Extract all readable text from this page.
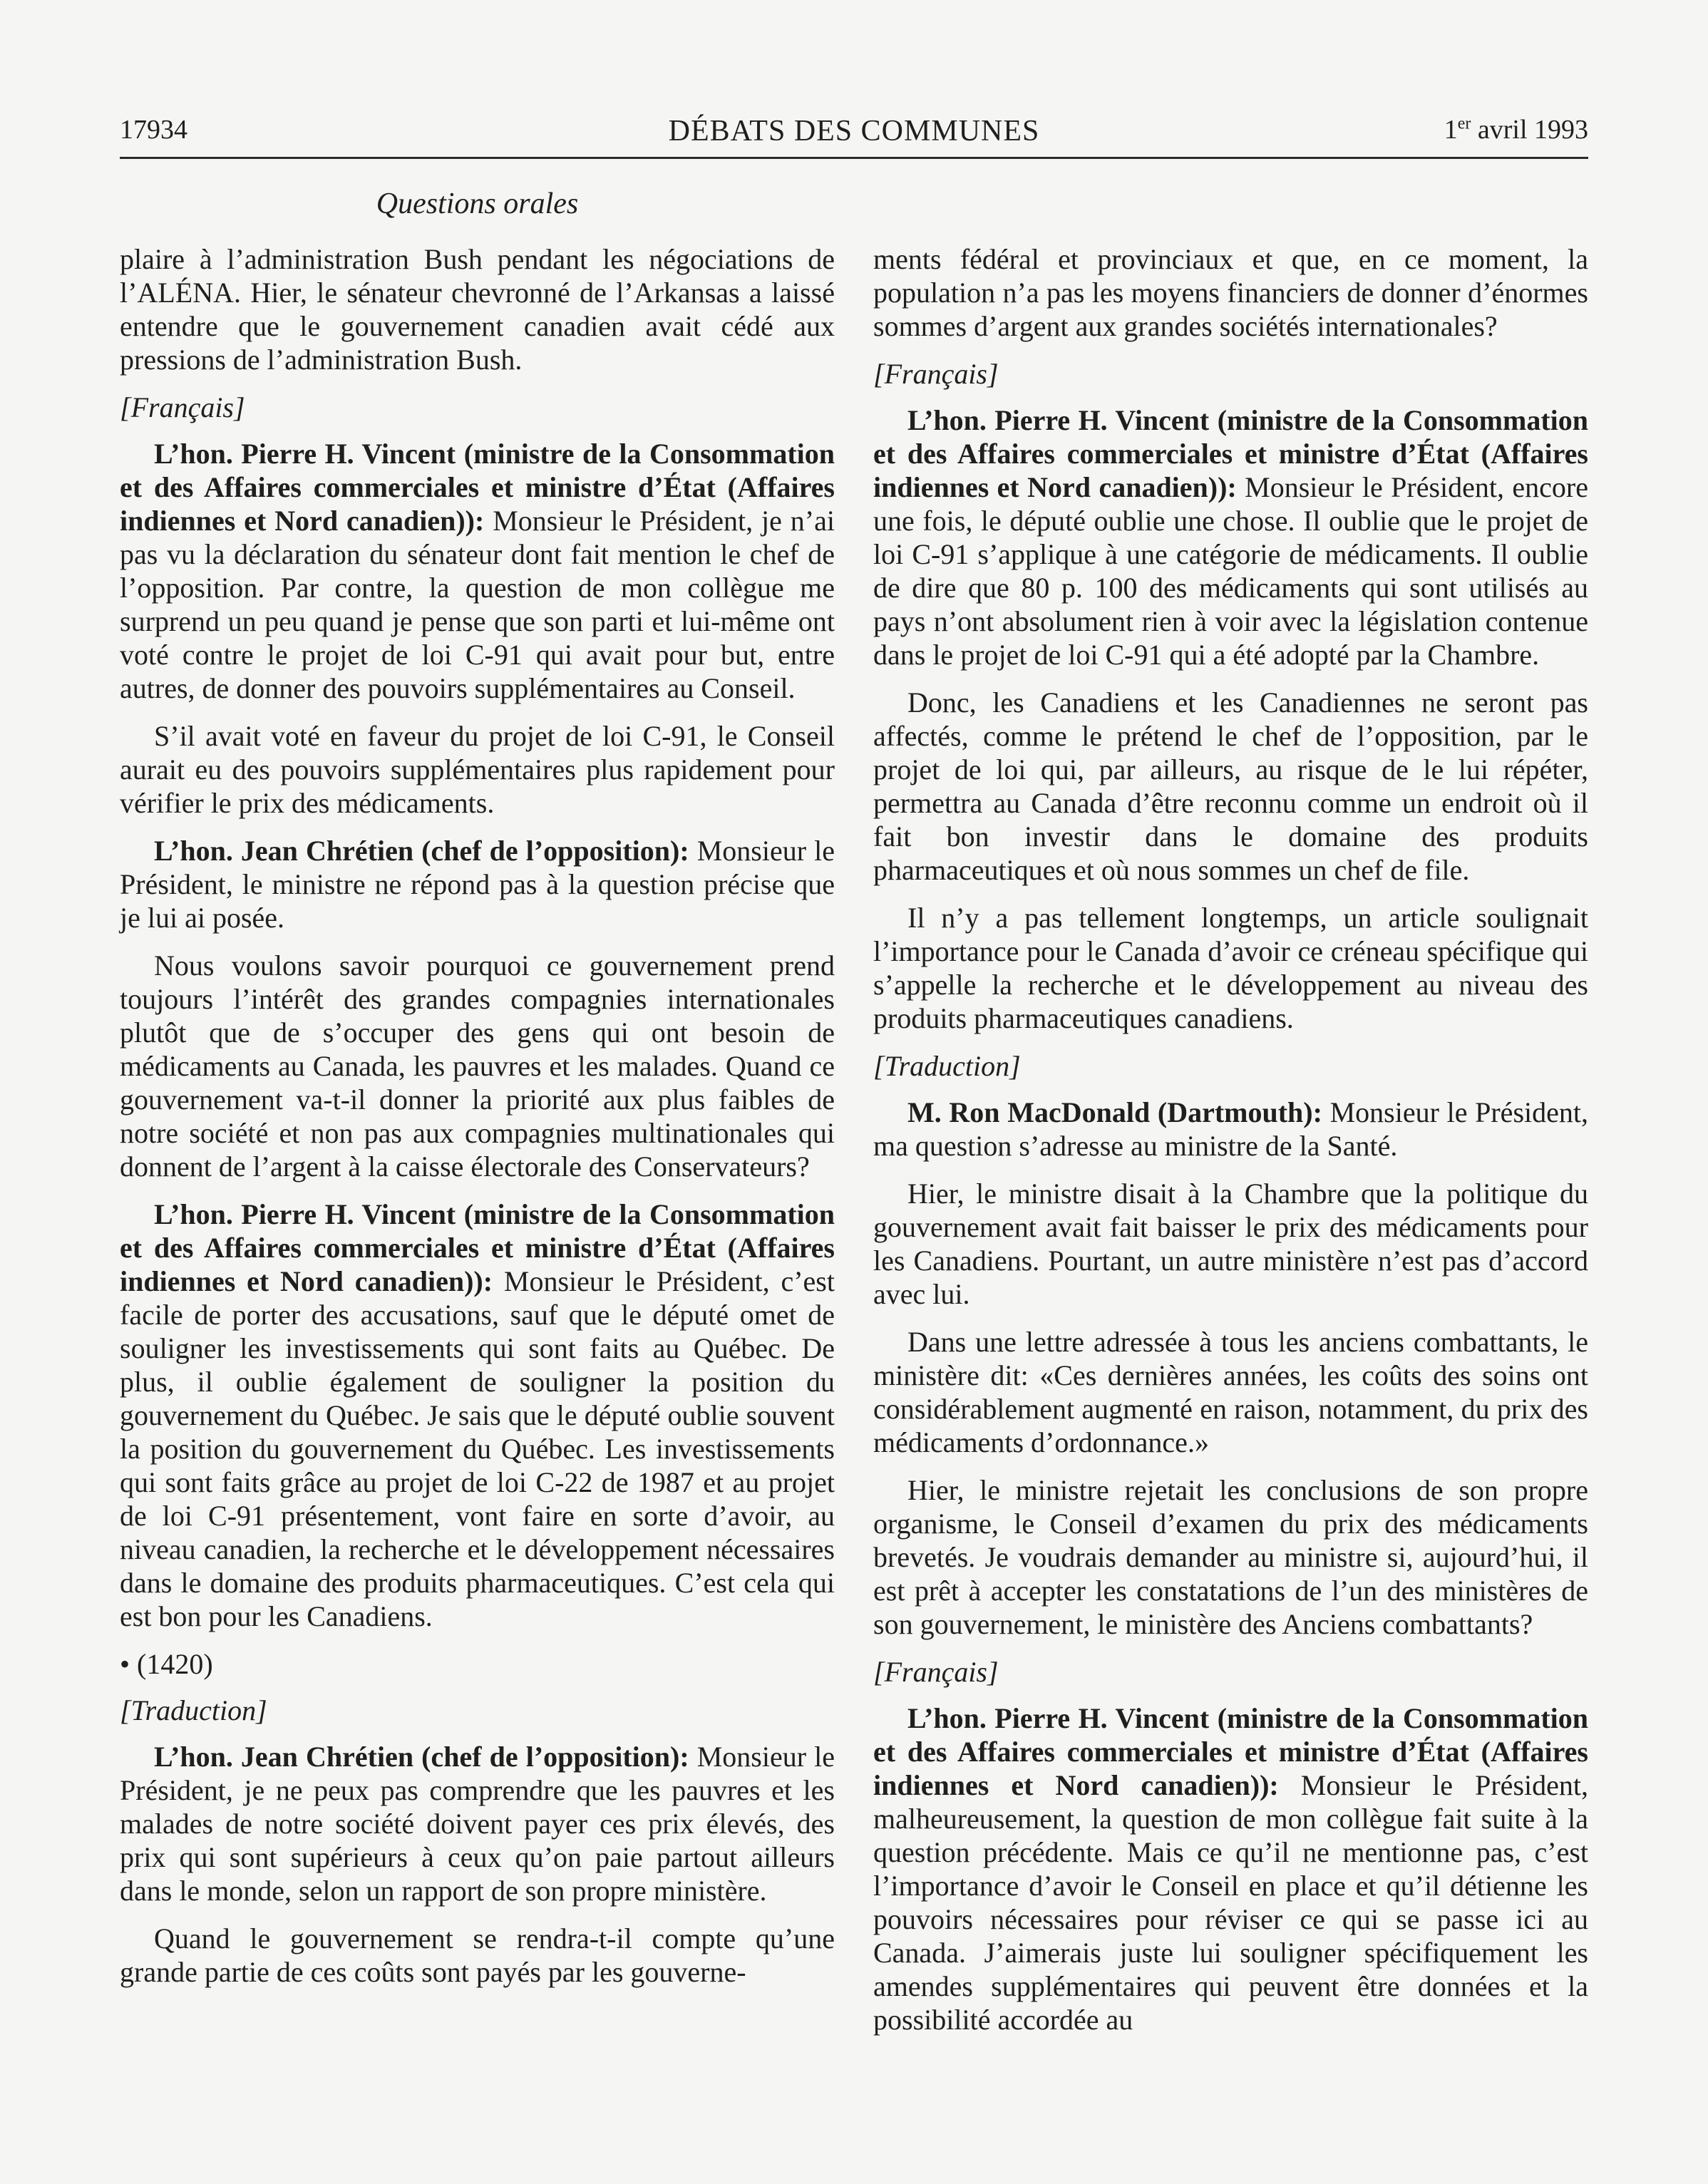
17934	DÉBATS DES COMMUNES	1er avril 1993
Questions orales

plaire à l’administration Bush pendant les négociations de l’ALÉNA. Hier, le sénateur chevronné de l’Arkansas a laissé entendre que le gouvernement canadien avait cédé aux pressions de l’administration Bush.

[Français]

L’hon. Pierre H. Vincent (ministre de la Consommation et des Affaires commerciales et ministre d’État (Affaires indiennes et Nord canadien)): Monsieur le Président, je n’ai pas vu la déclaration du sénateur dont fait mention le chef de l’opposition. Par contre, la question de mon collègue me surprend un peu quand je pense que son parti et lui-même ont voté contre le projet de loi C-91 qui avait pour but, entre autres, de donner des pouvoirs supplémentaires au Conseil.

S’il avait voté en faveur du projet de loi C-91, le Conseil aurait eu des pouvoirs supplémentaires plus rapidement pour vérifier le prix des médicaments.

L’hon. Jean Chrétien (chef de l’opposition): Monsieur le Président, le ministre ne répond pas à la question précise que je lui ai posée.

Nous voulons savoir pourquoi ce gouvernement prend toujours l’intérêt des grandes compagnies internationales plutôt que de s’occuper des gens qui ont besoin de médicaments au Canada, les pauvres et les malades. Quand ce gouvernement va-t-il donner la priorité aux plus faibles de notre société et non pas aux compagnies multinationales qui donnent de l’argent à la caisse électorale des Conservateurs?

L’hon. Pierre H. Vincent (ministre de la Consommation et des Affaires commerciales et ministre d’État (Affaires indiennes et Nord canadien)): Monsieur le Président, c’est facile de porter des accusations, sauf que le député omet de souligner les investissements qui sont faits au Québec. De plus, il oublie également de souligner la position du gouvernement du Québec. Je sais que le député oublie souvent la position du gouvernement du Québec. Les investissements qui sont faits grâce au projet de loi C-22 de 1987 et au projet de loi C-91 présentement, vont faire en sorte d’avoir, au niveau canadien, la recherche et le développement nécessaires dans le domaine des produits pharmaceutiques. C’est cela qui est bon pour les Canadiens.

• (1420)

[Traduction]

L’hon. Jean Chrétien (chef de l’opposition): Monsieur le Président, je ne peux pas comprendre que les pauvres et les malades de notre société doivent payer ces prix élevés, des prix qui sont supérieurs à ceux qu’on paie partout ailleurs dans le monde, selon un rapport de son propre ministère.

Quand le gouvernement se rendra-t-il compte qu’une grande partie de ces coûts sont payés par les gouverne-

ments fédéral et provinciaux et que, en ce moment, la population n’a pas les moyens financiers de donner d’énormes sommes d’argent aux grandes sociétés internationales?

[Français]

L’hon. Pierre H. Vincent (ministre de la Consommation et des Affaires commerciales et ministre d’État (Affaires indiennes et Nord canadien)): Monsieur le Président, encore une fois, le député oublie une chose. Il oublie que le projet de loi C-91 s’applique à une catégorie de médicaments. Il oublie de dire que 80 p. 100 des médicaments qui sont utilisés au pays n’ont absolument rien à voir avec la législation contenue dans le projet de loi C-91 qui a été adopté par la Chambre.

Donc, les Canadiens et les Canadiennes ne seront pas affectés, comme le prétend le chef de l’opposition, par le projet de loi qui, par ailleurs, au risque de le lui répéter, permettra au Canada d’être reconnu comme un endroit où il fait bon investir dans le domaine des produits pharmaceutiques et où nous sommes un chef de file.

Il n’y a pas tellement longtemps, un article soulignait l’importance pour le Canada d’avoir ce créneau spécifique qui s’appelle la recherche et le développement au niveau des produits pharmaceutiques canadiens.

[Traduction]

M. Ron MacDonald (Dartmouth): Monsieur le Président, ma question s’adresse au ministre de la Santé.

Hier, le ministre disait à la Chambre que la politique du gouvernement avait fait baisser le prix des médicaments pour les Canadiens. Pourtant, un autre ministère n’est pas d’accord avec lui.

Dans une lettre adressée à tous les anciens combattants, le ministère dit: «Ces dernières années, les coûts des soins ont considérablement augmenté en raison, notamment, du prix des médicaments d’ordonnance.»

Hier, le ministre rejetait les conclusions de son propre organisme, le Conseil d’examen du prix des médicaments brevetés. Je voudrais demander au ministre si, aujourd’hui, il est prêt à accepter les constatations de l’un des ministères de son gouvernement, le ministère des Anciens combattants?

[Français]

L’hon. Pierre H. Vincent (ministre de la Consommation et des Affaires commerciales et ministre d’État (Affaires indiennes et Nord canadien)): Monsieur le Président, malheureusement, la question de mon collègue fait suite à la question précédente. Mais ce qu’il ne mentionne pas, c’est l’importance d’avoir le Conseil en place et qu’il détienne les pouvoirs nécessaires pour réviser ce qui se passe ici au Canada. J’aimerais juste lui souligner spécifiquement les amendes supplémentaires qui peuvent être données et la possibilité accordée au
